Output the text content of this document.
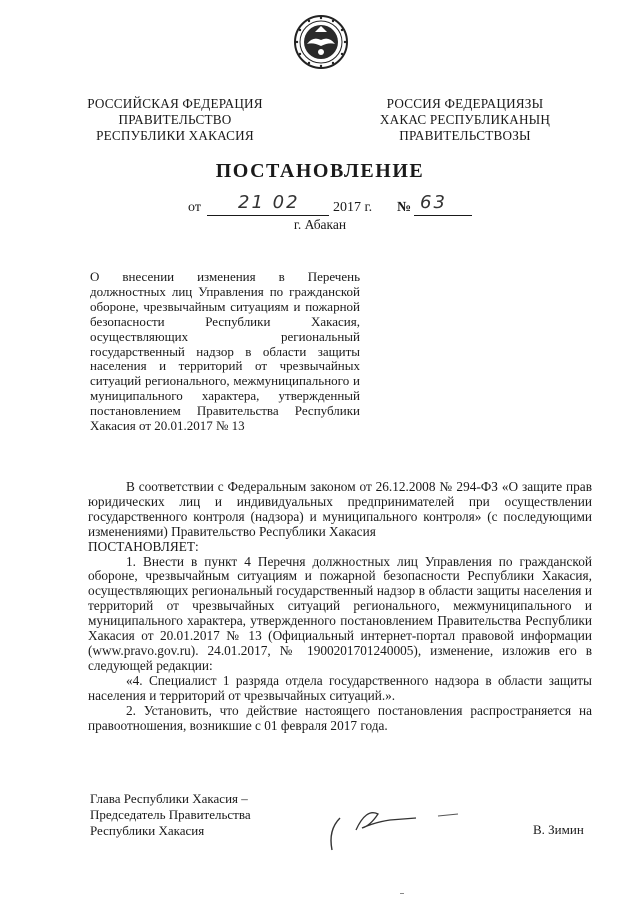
РОССИЙСКАЯ ФЕДЕРАЦИЯ
ПРАВИТЕЛЬСТВО
РЕСПУБЛИКИ ХАКАСИЯ
РОССИЯ ФЕДЕРАЦИЯЗЫ
ХАКАС РЕСПУБЛИКАНЫҢ
ПРАВИТЕЛЬСТВОЗЫ
ПОСТАНОВЛЕНИЕ
от 21 02 2017 г. № 63
г. Абакан
О внесении изменения в Перечень должностных лиц Управления по гражданской обороне, чрезвычайным ситуациям и пожарной безопасности Республики Хакасия, осуществляющих региональный государственный надзор в области защиты населения и территорий от чрезвычайных ситуаций регионального, межмуниципального и муниципального характера, утвержденный постановлением Правительства Республики Хакасия от 20.01.2017 № 13

В соответствии с Федеральным законом от 26.12.2008 № 294-ФЗ «О защите прав юридических лиц и индивидуальных предпринимателей при осуществлении государственного контроля (надзора) и муниципального контроля» (с последующими изменениями) Правительство Республики Хакасия

ПОСТАНОВЛЯЕТ:

1. Внести в пункт 4 Перечня должностных лиц Управления по гражданской обороне, чрезвычайным ситуациям и пожарной безопасности Республики Хакасия, осуществляющих региональный государственный надзор в области защиты населения и территорий от чрезвычайных ситуаций регионального, межмуниципального и муниципального характера, утвержденного постановлением Правительства Республики Хакасия от 20.01.2017 № 13 (Официальный интернет-портал правовой информации (www.pravo.gov.ru). 24.01.2017, № 1900201701240005), изменение, изложив его в следующей редакции:

«4. Специалист 1 разряда отдела государственного надзора в области защиты населения и территорий от чрезвычайных ситуаций.».

2. Установить, что действие настоящего постановления распространяется на правоотношения, возникшие с 01 февраля 2017 года.

Глава Республики Хакасия –
Председатель Правительства
Республики Хакасия	В. Зимин
